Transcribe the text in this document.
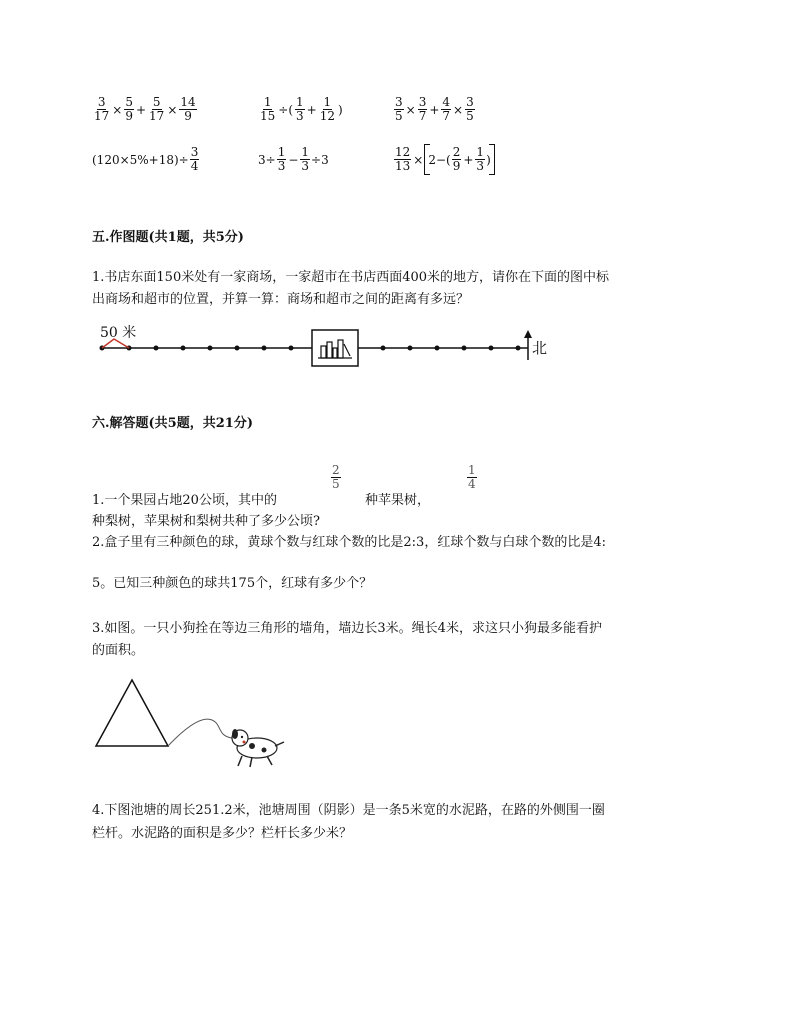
$\frac{3}{17} \times \frac{5}{9} + \frac{5}{17} \times \frac{14}{9}$	$\frac{1}{15}$ ÷( $\frac{1}{3} + \frac{1}{12}$ )	$\frac{3}{5} \times \frac{3}{7} + \frac{4}{7} \times \frac{3}{5}$
$(120\times 5\%+18)\div \frac{3}{4}$	$3\div \frac{1}{3} - \frac{1}{3} \div 3$	$\frac{12}{13} \times 2-( \frac{2}{9} + \frac{1}{3}$ )
五.作图题(共1题，共5分)
1.书店东面150米处有一家商场，一家超市在书店西面400米的地方，请你在下面的图中标
出商场和超市的位置，并算一算：商场和超市之间的距离有多远？
50 米
北
六.解答题(共5题，共21分)
$\frac{2}{5}$	$\frac{1}{4}$
1.一个果园占地20公顷，其中的	种苹果树，
种梨树，苹果树和梨树共种了多少公顷?
2.盒子里有三种颜色的球，黄球个数与红球个数的比是2:3，红球个数与白球个数的比是4:
5。已知三种颜色的球共175个，红球有多少个？
3.如图。一只小狗拴在等边三角形的墙角，墙边长3米。绳长4米，求这只小狗最多能看护
的面积。
4.下图池塘的周长251.2米，池塘周围（阴影）是一条5米宽的水泥路，在路的外侧围一圈
栏杆。水泥路的面积是多少？栏杆长多少米？
